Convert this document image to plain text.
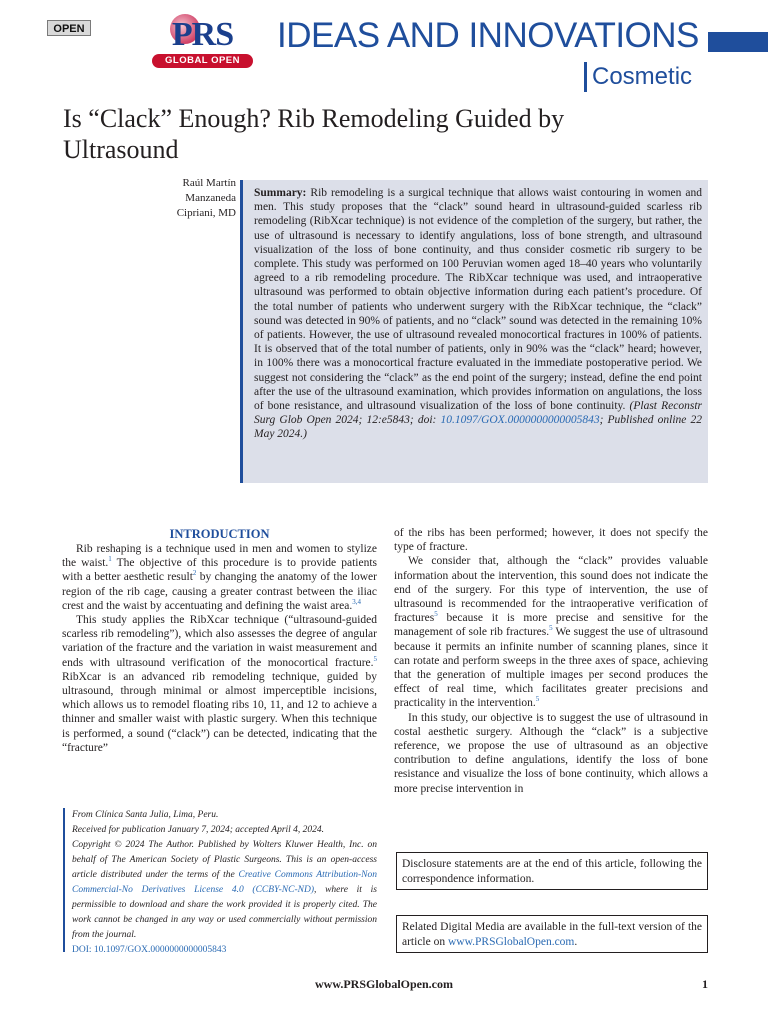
OPEN	PRS
GLOBAL OPEN
IDEAS AND INNOVATIONS
Cosmetic
Is “Clack” Enough? Rib Remodeling Guided by Ultrasound
Raúl Martín Manzaneda Cipriani, MD
Summary: Rib remodeling is a surgical technique that allows waist contouring in women and men. This study proposes that the “clack” sound heard in ultrasound-guided scarless rib remodeling (RibXcar technique) is not evidence of the completion of the surgery, but rather, the use of ultrasound is necessary to identify angulations, loss of bone strength, and ultrasound visualization of the loss of bone continuity, and thus consider cosmetic rib surgery to be complete. This study was performed on 100 Peruvian women aged 18–40 years who voluntarily agreed to a rib remodeling procedure. The RibXcar technique was used, and intraoperative ultrasound was performed to obtain objective information during each patient’s procedure. Of the total number of patients who underwent surgery with the RibXcar technique, the “clack” sound was detected in 90% of patients, and no “clack” sound was detected in the remaining 10% of patients. However, the use of ultrasound revealed monocortical fractures in 100% of patients. It is observed that of the total number of patients, only in 90% was the “clack” heard; however, in 100% there was a monocortical fracture evaluated in the immediate postoperative period. We suggest not considering the “clack” as the end point of the surgery; instead, define the end point after the use of the ultrasound examination, which provides information on angulations, the loss of bone resistance, and ultrasound visualization of the loss of bone continuity. (Plast Reconstr Surg Glob Open 2024; 12:e5843; doi: 10.1097/GOX.0000000000005843; Published online 22 May 2024.)
INTRODUCTION

Rib reshaping is a technique used in men and women to stylize the waist.$^1$ The objective of this procedure is to provide patients with a better aesthetic result$^2$ by changing the anatomy of the lower region of the rib cage, causing a greater contrast between the iliac crest and the waist by accentuating and defining the waist area.$^{3,4}$

This study applies the RibXcar technique (“ultrasound-guided scarless rib remodeling”), which also assesses the degree of angular variation of the fracture and the variation in waist measurement and ends with ultrasound verification of the monocortical fracture.$^5$ RibXcar is an advanced rib remodeling technique, guided by ultrasound, through minimal or almost imperceptible incisions, which allows us to remodel floating ribs 10, 11, and 12 to achieve a thinner and smaller waist with plastic surgery. When this technique is performed, a sound (“clack”) can be detected, indicating that the “fracture”

of the ribs has been performed; however, it does not specify the type of fracture.

We consider that, although the “clack” provides valuable information about the intervention, this sound does not indicate the end of the surgery. For this type of intervention, the use of ultrasound is recommended for the intraoperative verification of fractures$^5$ because it is more precise and sensitive for the management of sole rib fractures.$^5$ We suggest the use of ultrasound because it permits an infinite number of scanning planes, since it can rotate and perform sweeps in the three axes of space, achieving that the generation of multiple images per second produces the effect of real time, which facilitates greater precisions and practicality in the intervention.$^5$

In this study, our objective is to suggest the use of ultrasound in costal aesthetic surgery. Although the “clack” is a subjective reference, we propose the use of ultrasound as an objective contribution to define angulations, identify the loss of bone resistance and visualize the loss of bone continuity, which allows a more precise intervention in

From Clínica Santa Julia, Lima, Peru.

Received for publication January 7, 2024; accepted April 4, 2024.

Copyright © 2024 The Author. Published by Wolters Kluwer Health, Inc. on behalf of The American Society of Plastic Surgeons. This is an open-access article distributed under the terms of the Creative Commons Attribution-Non Commercial-No Derivatives License 4.0 (CCBY-NC-ND), where it is permissible to download and share the work provided it is properly cited. The work cannot be changed in any way or used commercially without permission from the journal.

DOI: 10.1097/GOX.0000000000005843

Disclosure statements are at the end of this article, following the correspondence information.
Related Digital Media are available in the full-text version of the article on www.PRSGlobalOpen.com.
www.PRSGlobalOpen.com	1
